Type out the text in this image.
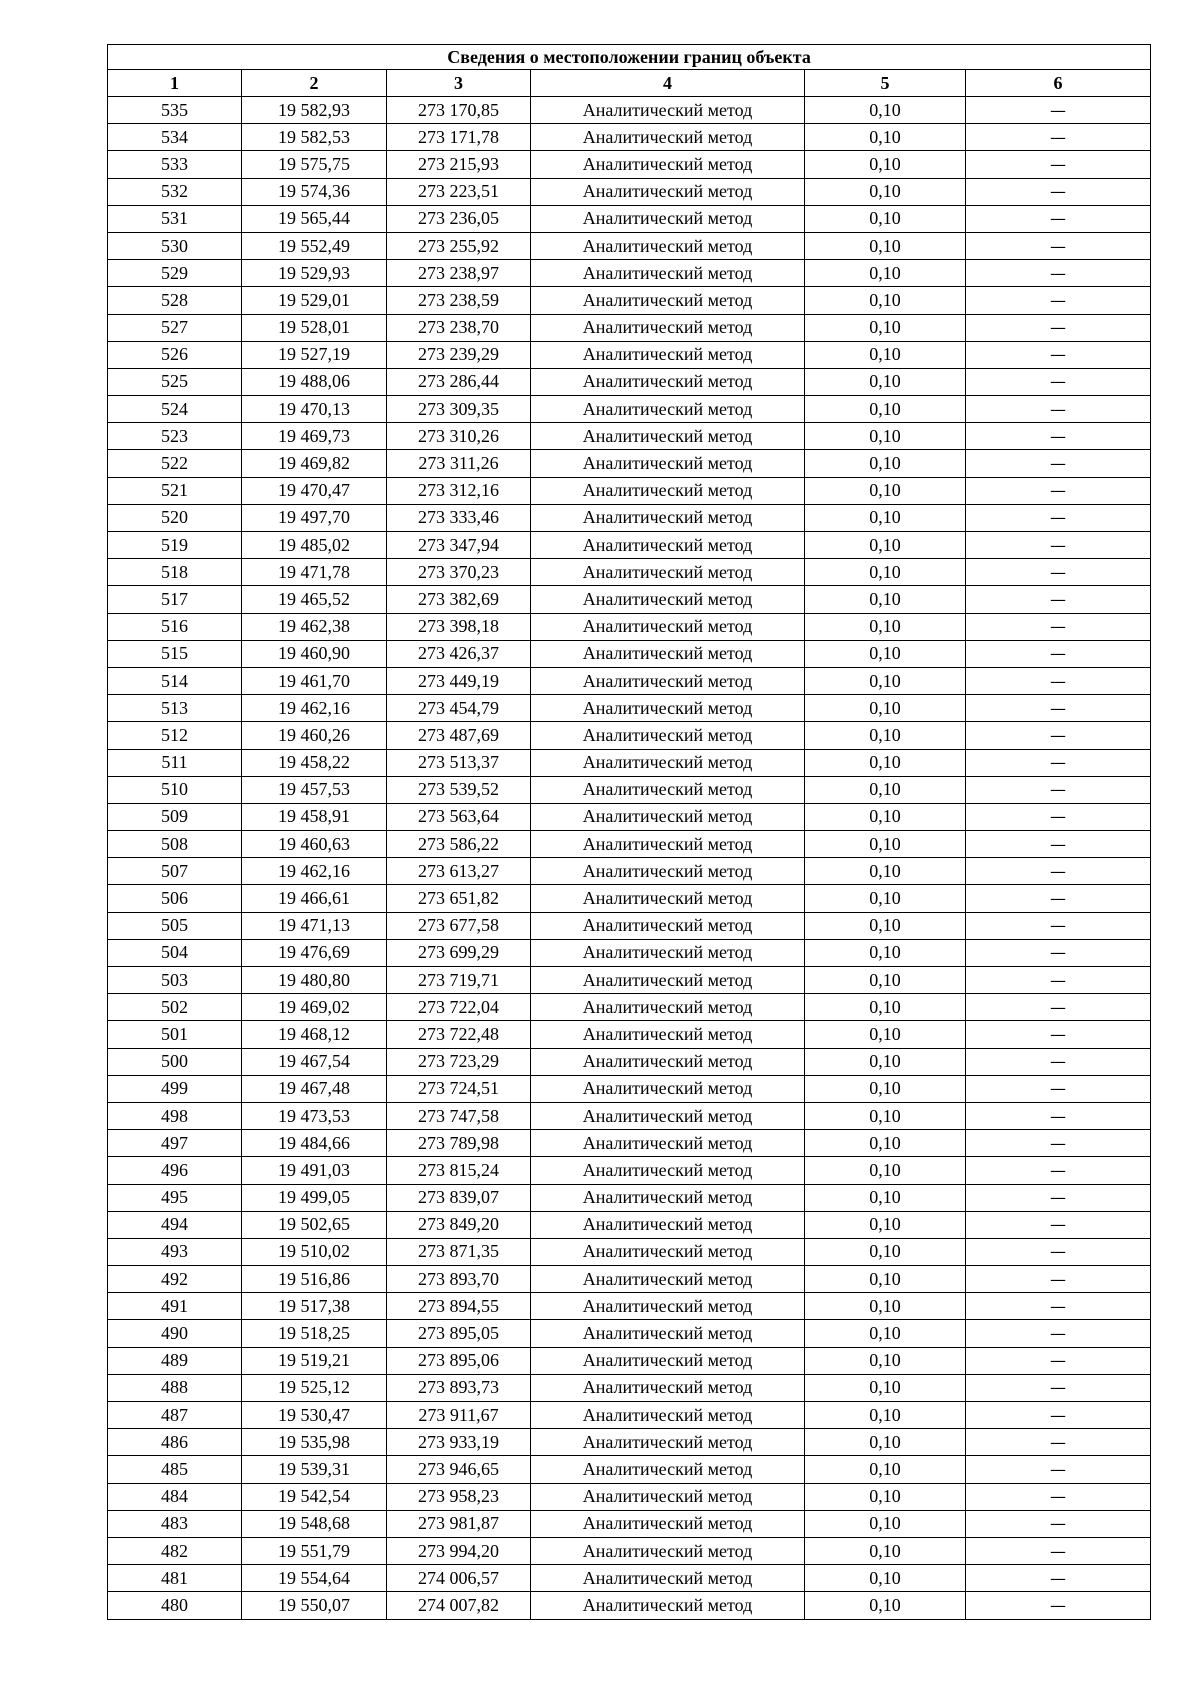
Сведения о местоположении границ объекта					
1	2	3	4	5	6
535	19 582,93	273 170,85	Аналитический метод	0,10	—
534	19 582,53	273 171,78	Аналитический метод	0,10	—
533	19 575,75	273 215,93	Аналитический метод	0,10	—
532	19 574,36	273 223,51	Аналитический метод	0,10	—
531	19 565,44	273 236,05	Аналитический метод	0,10	—
530	19 552,49	273 255,92	Аналитический метод	0,10	—
529	19 529,93	273 238,97	Аналитический метод	0,10	—
528	19 529,01	273 238,59	Аналитический метод	0,10	—
527	19 528,01	273 238,70	Аналитический метод	0,10	—
526	19 527,19	273 239,29	Аналитический метод	0,10	—
525	19 488,06	273 286,44	Аналитический метод	0,10	—
524	19 470,13	273 309,35	Аналитический метод	0,10	—
523	19 469,73	273 310,26	Аналитический метод	0,10	—
522	19 469,82	273 311,26	Аналитический метод	0,10	—
521	19 470,47	273 312,16	Аналитический метод	0,10	—
520	19 497,70	273 333,46	Аналитический метод	0,10	—
519	19 485,02	273 347,94	Аналитический метод	0,10	—
518	19 471,78	273 370,23	Аналитический метод	0,10	—
517	19 465,52	273 382,69	Аналитический метод	0,10	—
516	19 462,38	273 398,18	Аналитический метод	0,10	—
515	19 460,90	273 426,37	Аналитический метод	0,10	—
514	19 461,70	273 449,19	Аналитический метод	0,10	—
513	19 462,16	273 454,79	Аналитический метод	0,10	—
512	19 460,26	273 487,69	Аналитический метод	0,10	—
511	19 458,22	273 513,37	Аналитический метод	0,10	—
510	19 457,53	273 539,52	Аналитический метод	0,10	—
509	19 458,91	273 563,64	Аналитический метод	0,10	—
508	19 460,63	273 586,22	Аналитический метод	0,10	—
507	19 462,16	273 613,27	Аналитический метод	0,10	—
506	19 466,61	273 651,82	Аналитический метод	0,10	—
505	19 471,13	273 677,58	Аналитический метод	0,10	—
504	19 476,69	273 699,29	Аналитический метод	0,10	—
503	19 480,80	273 719,71	Аналитический метод	0,10	—
502	19 469,02	273 722,04	Аналитический метод	0,10	—
501	19 468,12	273 722,48	Аналитический метод	0,10	—
500	19 467,54	273 723,29	Аналитический метод	0,10	—
499	19 467,48	273 724,51	Аналитический метод	0,10	—
498	19 473,53	273 747,58	Аналитический метод	0,10	—
497	19 484,66	273 789,98	Аналитический метод	0,10	—
496	19 491,03	273 815,24	Аналитический метод	0,10	—
495	19 499,05	273 839,07	Аналитический метод	0,10	—
494	19 502,65	273 849,20	Аналитический метод	0,10	—
493	19 510,02	273 871,35	Аналитический метод	0,10	—
492	19 516,86	273 893,70	Аналитический метод	0,10	—
491	19 517,38	273 894,55	Аналитический метод	0,10	—
490	19 518,25	273 895,05	Аналитический метод	0,10	—
489	19 519,21	273 895,06	Аналитический метод	0,10	—
488	19 525,12	273 893,73	Аналитический метод	0,10	—
487	19 530,47	273 911,67	Аналитический метод	0,10	—
486	19 535,98	273 933,19	Аналитический метод	0,10	—
485	19 539,31	273 946,65	Аналитический метод	0,10	—
484	19 542,54	273 958,23	Аналитический метод	0,10	—
483	19 548,68	273 981,87	Аналитический метод	0,10	—
482	19 551,79	273 994,20	Аналитический метод	0,10	—
481	19 554,64	274 006,57	Аналитический метод	0,10	—
480	19 550,07	274 007,82	Аналитический метод	0,10	—
